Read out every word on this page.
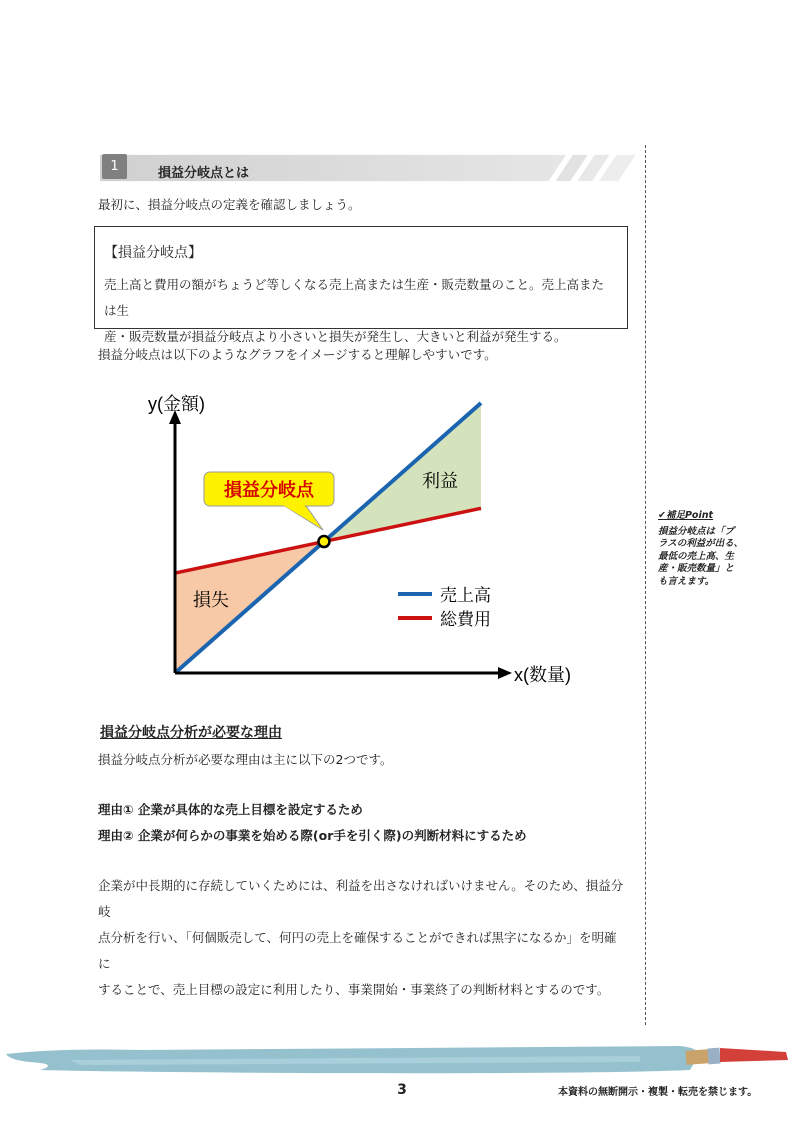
1	損益分岐点とは
最初に、損益分岐点の定義を確認しましょう。
【損益分岐点】
売上高と費用の額がちょうど等しくなる売上高または生産・販売数量のこと。売上高または生
産・販売数量が損益分岐点より小さいと損失が発生し、大きいと利益が発生する。
損益分岐点は以下のようなグラフをイメージすると理解しやすいです。
y(金額)
x(数量)
利益
損失	売上高
総費用
損益分岐点
損益分岐点分析が必要な理由
損益分岐点分析が必要な理由は主に以下の2つです。
理由① 企業が具体的な売上目標を設定するため
理由② 企業が何らかの事業を始める際(or手を引く際)の判断材料にするため
企業が中長期的に存続していくためには、利益を出さなければいけません。そのため、損益分岐
点分析を行い、「何個販売して、何円の売上を確保することができれば黒字になるか」を明確に
することで、売上目標の設定に利用したり、事業開始・事業終了の判断材料とするのです。
✔補足Point
損益分岐点は「プ
ラスの利益が出る、
最低の売上高、生
産・販売数量」と
も言えます。
3	本資料の無断開示・複製・転売を禁じます。
